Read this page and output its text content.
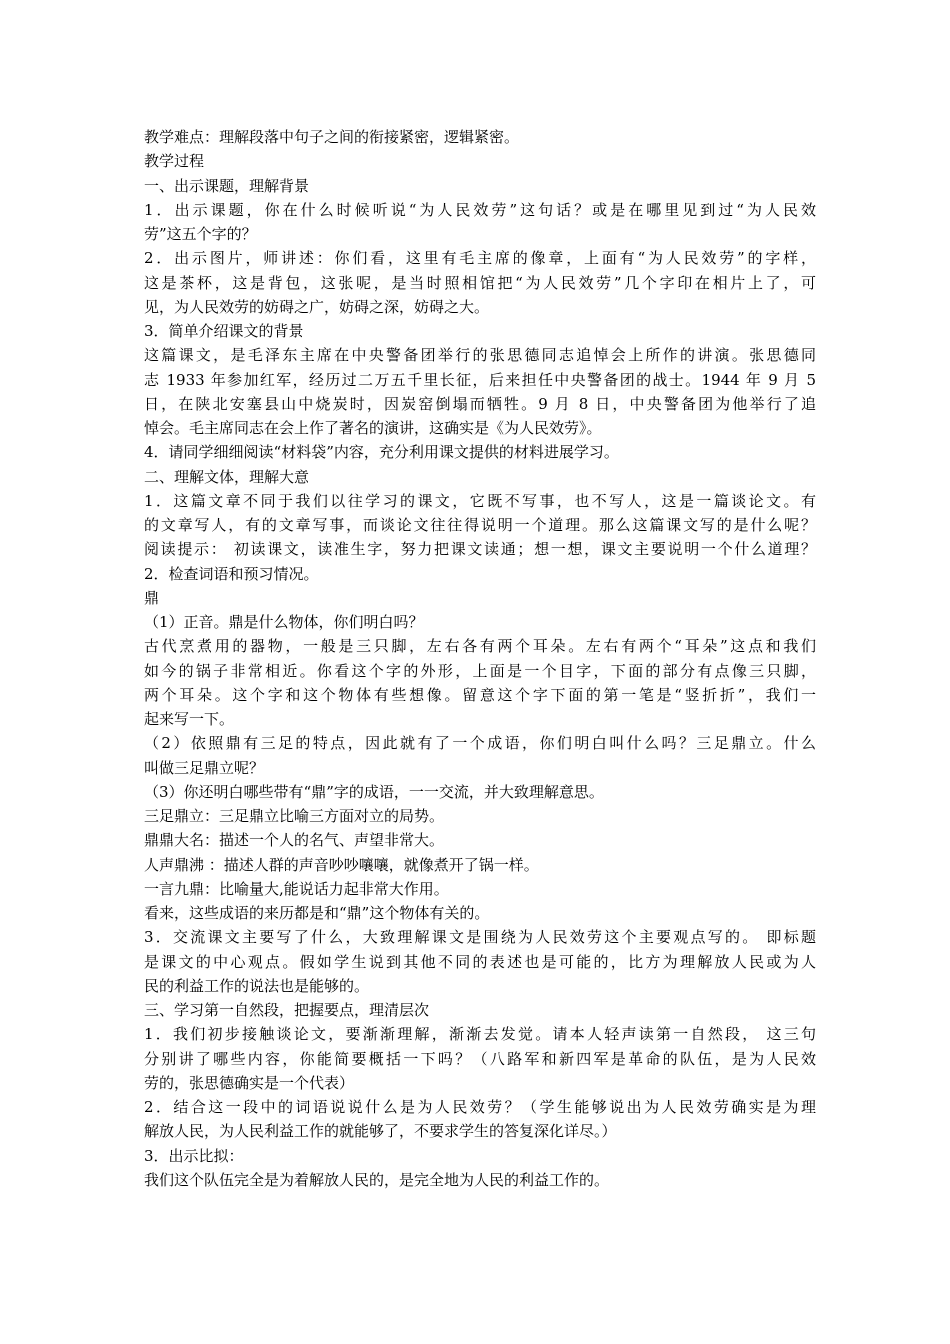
教学难点：理解段落中句子之间的衔接紧密，逻辑紧密。
教学过程
一、出示课题，理解背景
1．出示课题，你在什么时候听说“为人民效劳”这句话？或是在哪里见到过“为人民效
劳”这五个字的？
2．出示图片，师讲述：你们看，这里有毛主席的像章，上面有“为人民效劳”的字样，
这是茶杯，这是背包，这张呢，是当时照相馆把“为人民效劳”几个字印在相片上了，可
见，为人民效劳的妨碍之广，妨碍之深，妨碍之大。
3．简单介绍课文的背景
这篇课文，是毛泽东主席在中央警备团举行的张思德同志追悼会上所作的讲演。张思德同
志 1933 年参加红军，经历过二万五千里长征，后来担任中央警备团的战士。1944 年 9 月 5
日，在陕北安塞县山中烧炭时，因炭窑倒塌而牺牲。9 月 8 日，中央警备团为他举行了追
悼会。毛主席同志在会上作了著名的演讲，这确实是《为人民效劳》。
4．请同学细细阅读“材料袋”内容，充分利用课文提供的材料进展学习。
二、理解文体，理解大意
1．这篇文章不同于我们以往学习的课文，它既不写事，也不写人，这是一篇谈论文。有
的文章写人，有的文章写事，而谈论文往往得说明一个道理。那么这篇课文写的是什么呢？
阅读提示： 初读课文，读准生字，努力把课文读通；想一想，课文主要说明一个什么道理？
2．检查词语和预习情况。
鼎
（1）正音。鼎是什么物体，你们明白吗？
古代烹煮用的器物，一般是三只脚，左右各有两个耳朵。左右有两个“耳朵”这点和我们
如今的锅子非常相近。你看这个字的外形，上面是一个目字，下面的部分有点像三只脚，
两个耳朵。这个字和这个物体有些想像。留意这个字下面的第一笔是“竖折折”，我们一
起来写一下。
（2）依照鼎有三足的特点，因此就有了一个成语，你们明白叫什么吗？三足鼎立。什么
叫做三足鼎立呢？
（3）你还明白哪些带有“鼎”字的成语，一一交流，并大致理解意思。
三足鼎立：三足鼎立比喻三方面对立的局势。
鼎鼎大名：描述一个人的名气、声望非常大。
人声鼎沸 ：描述人群的声音吵吵嚷嚷，就像煮开了锅一样。
一言九鼎：比喻量大,能说话力起非常大作用。
看来，这些成语的来历都是和“鼎”这个物体有关的。
3．交流课文主要写了什么，大致理解课文是围绕为人民效劳这个主要观点写的。 即标题
是课文的中心观点。假如学生说到其他不同的表述也是可能的，比方为理解放人民或为人
民的利益工作的说法也是能够的。
三、学习第一自然段，把握要点，理清层次
1．我们初步接触谈论文，要渐渐理解，渐渐去发觉。请本人轻声读第一自然段， 这三句
分别讲了哪些内容，你能简要概括一下吗？（八路军和新四军是革命的队伍，是为人民效
劳的，张思德确实是一个代表）
2．结合这一段中的词语说说什么是为人民效劳？（学生能够说出为人民效劳确实是为理
解放人民，为人民利益工作的就能够了，不要求学生的答复深化详尽。）
3．出示比拟：
我们这个队伍完全是为着解放人民的，是完全地为人民的利益工作的。
